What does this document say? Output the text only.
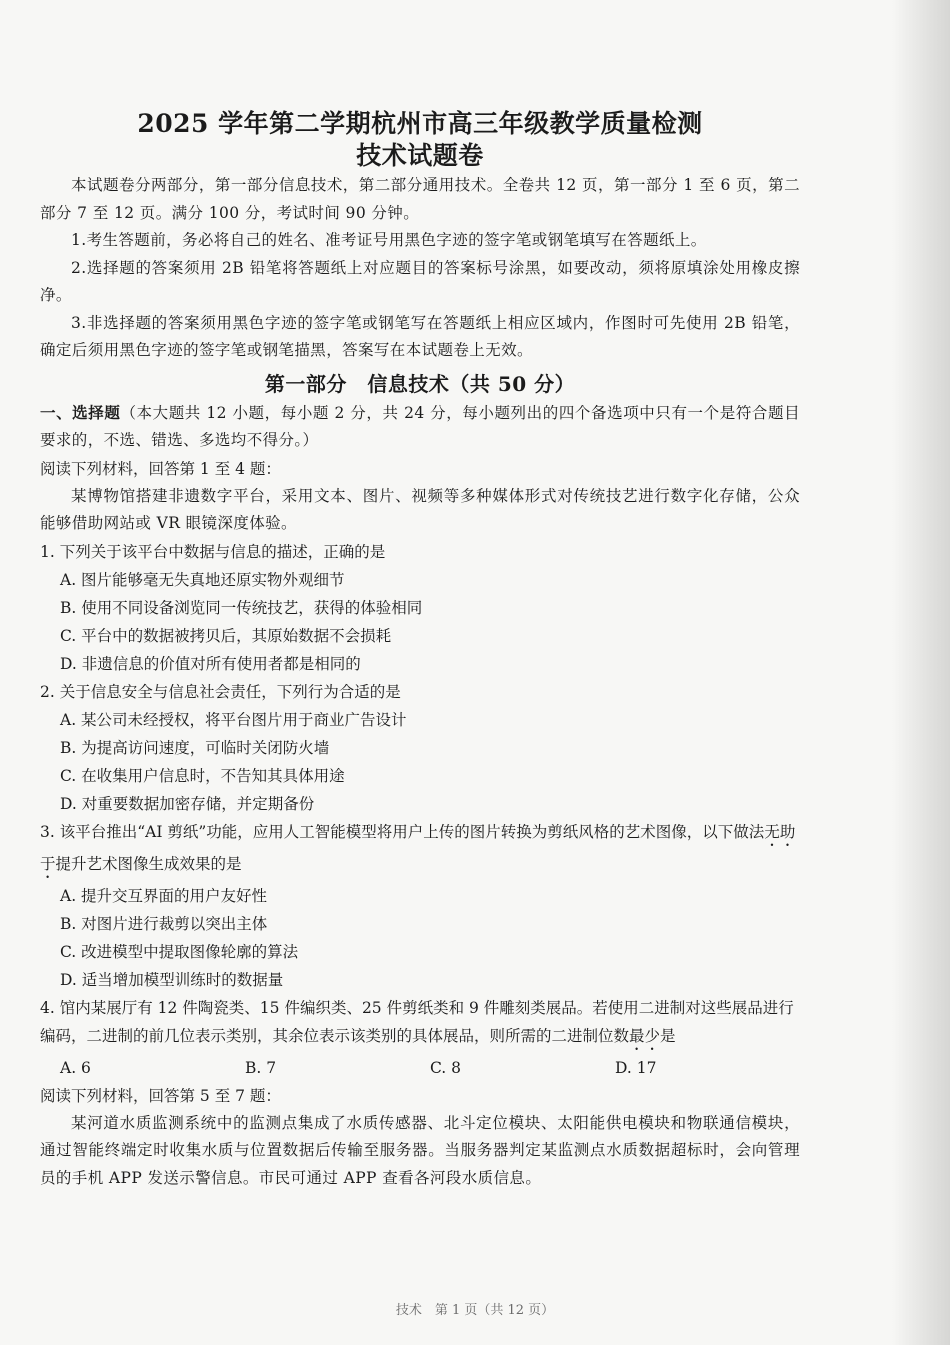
2025 学年第二学期杭州市高三年级教学质量检测
技术试题卷

本试题卷分两部分，第一部分信息技术，第二部分通用技术。全卷共 12 页，第一部分 1 至 6 页，第二部分 7 至 12 页。满分 100 分，考试时间 90 分钟。

1.考生答题前，务必将自己的姓名、准考证号用黑色字迹的签字笔或钢笔填写在答题纸上。

2.选择题的答案须用 2B 铅笔将答题纸上对应题目的答案标号涂黑，如要改动，须将原填涂处用橡皮擦净。

3.非选择题的答案须用黑色字迹的签字笔或钢笔写在答题纸上相应区域内，作图时可先使用 2B 铅笔，确定后须用黑色字迹的签字笔或钢笔描黑，答案写在本试题卷上无效。

第一部分　信息技术（共 50 分）

一、选择题（本大题共 12 小题，每小题 2 分，共 24 分，每小题列出的四个备选项中只有一个是符合题目要求的，不选、错选、多选均不得分。）

阅读下列材料，回答第 1 至 4 题：

某博物馆搭建非遗数字平台，采用文本、图片、视频等多种媒体形式对传统技艺进行数字化存储，公众能够借助网站或 VR 眼镜深度体验。

1. 下列关于该平台中数据与信息的描述，正确的是

A. 图片能够毫无失真地还原实物外观细节

B. 使用不同设备浏览同一传统技艺，获得的体验相同

C. 平台中的数据被拷贝后，其原始数据不会损耗

D. 非遗信息的价值对所有使用者都是相同的

2. 关于信息安全与信息社会责任，下列行为合适的是

A. 某公司未经授权，将平台图片用于商业广告设计

B. 为提高访问速度，可临时关闭防火墙

C. 在收集用户信息时，不告知其具体用途

D. 对重要数据加密存储，并定期备份

3. 该平台推出“AI 剪纸”功能，应用人工智能模型将用户上传的图片转换为剪纸风格的艺术图像，以下做法无助于提升艺术图像生成效果的是

A. 提升交互界面的用户友好性

B. 对图片进行裁剪以突出主体

C. 改进模型中提取图像轮廓的算法

D. 适当增加模型训练时的数据量

4. 馆内某展厅有 12 件陶瓷类、15 件编织类、25 件剪纸类和 9 件雕刻类展品。若使用二进制对这些展品进行编码，二进制的前几位表示类别，其余位表示该类别的具体展品，则所需的二进制位数最少是

A. 6	B. 7	C. 8	D. 17

阅读下列材料，回答第 5 至 7 题：

某河道水质监测系统中的监测点集成了水质传感器、北斗定位模块、太阳能供电模块和物联通信模块，通过智能终端定时收集水质与位置数据后传输至服务器。当服务器判定某监测点水质数据超标时，会向管理员的手机 APP 发送示警信息。市民可通过 APP 查看各河段水质信息。

技术　第 1 页（共 12 页）
